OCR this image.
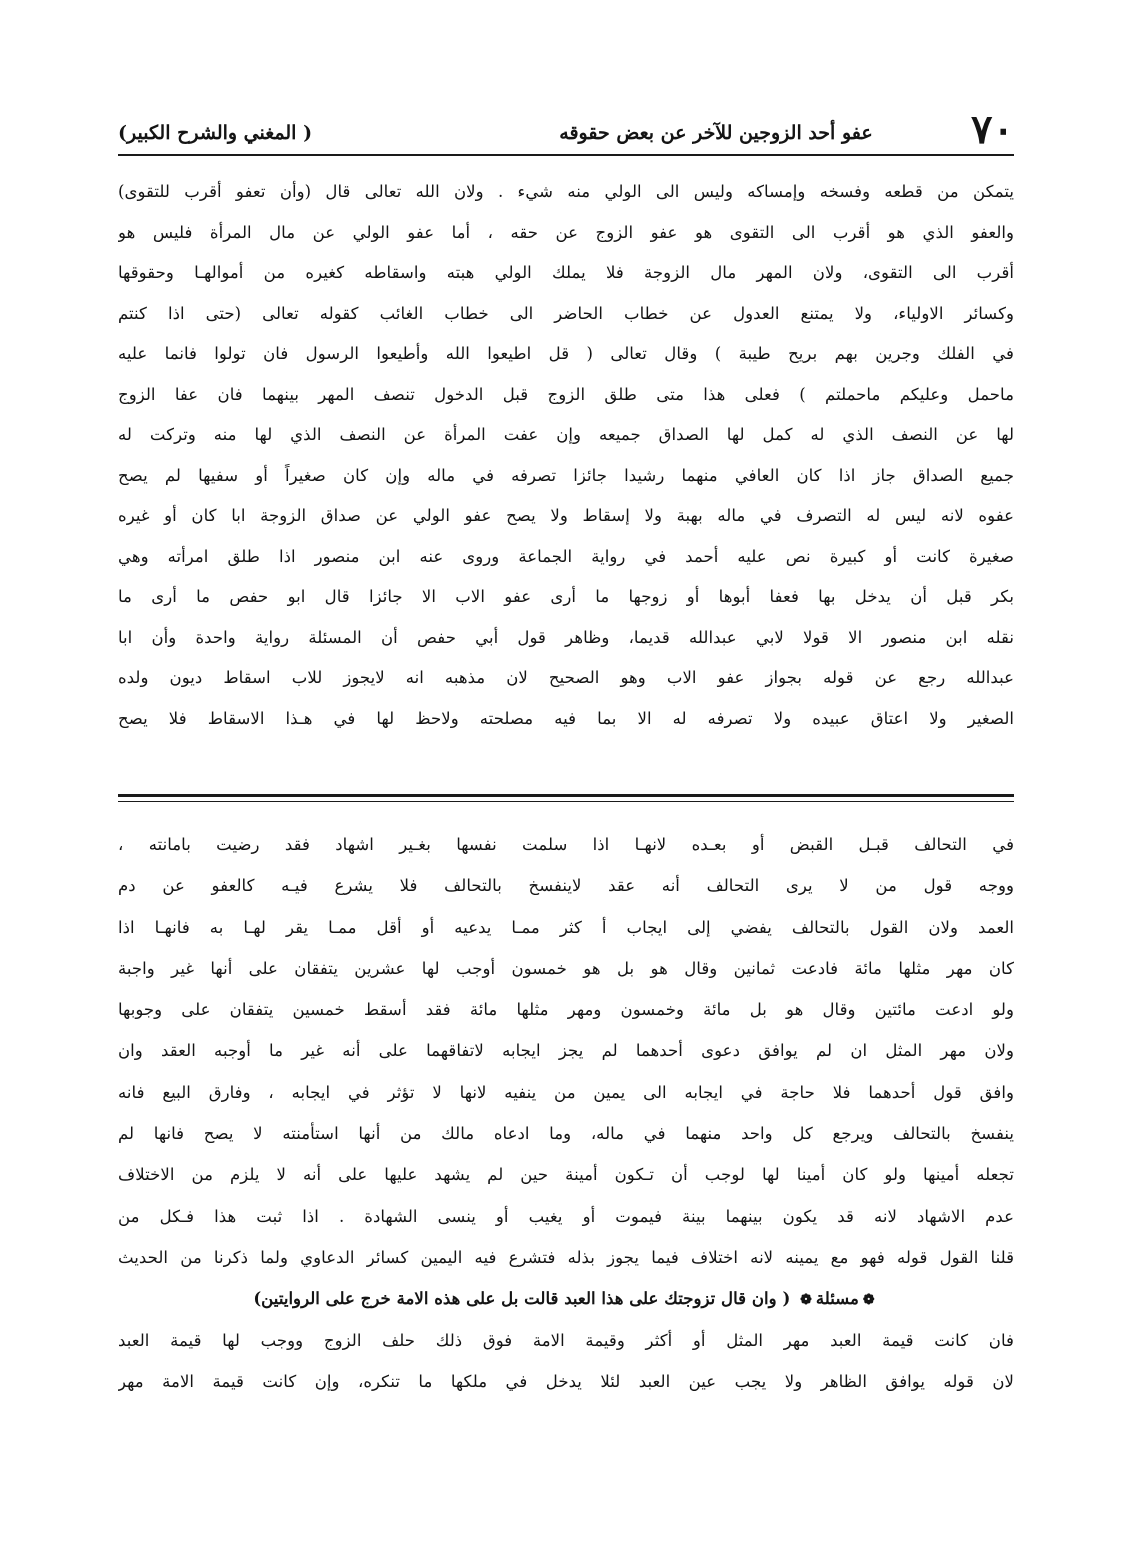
٧٠
عفو أحد الزوجين للآخر عن بعض حقوقه
( المغني والشرح الكبير)
يتمكن من قطعه وفسخه وإمساكه وليس الى الولي منه شيء . ولان الله تعالى قال (وأن تعفو أقرب للتقوى)
والعفو الذي هو أقرب الى التقوى هو عفو الزوج عن حقه ، أما عفو الولي عن مال المرأة فليس هو
أقرب الى التقوى، ولان المهر مال الزوجة فلا يملك الولي هبته واسقاطه كغيره من أموالهـا وحقوقها
وكسائر الاولياء، ولا يمتنع العدول عن خطاب الحاضر الى خطاب الغائب كقوله تعالى (حتى اذا كنتم
في الفلك وجرين بهم بريح طيبة ) وقال تعالى ( قل اطيعوا الله وأطيعوا الرسول فان تولوا فانما عليه
ماحمل وعليكم ماحملتم ) فعلى هذا متى طلق الزوج قبل الدخول تنصف المهر بينهما فان عفا الزوج
لها عن النصف الذي له كمل لها الصداق جميعه وإن عفت المرأة عن النصف الذي لها منه وتركت له
جميع الصداق جاز اذا كان العافي منهما رشيدا جائزا تصرفه في ماله وإن كان صغيراً أو سفيها لم يصح
عفوه لانه ليس له التصرف في ماله بهبة ولا إسقاط ولا يصح عفو الولي عن صداق الزوجة ابا كان أو غيره
صغيرة كانت أو كبيرة نص عليه أحمد في رواية الجماعة وروى عنه ابن منصور اذا طلق امرأته وهي
بكر قبل أن يدخل بها فعفا أبوها أو زوجها ما أرى عفو الاب الا جائزا قال ابو حفص ما أرى ما
نقله ابن منصور الا قولا لابي عبدالله قديما، وظاهر قول أبي حفص أن المسئلة رواية واحدة وأن ابا
عبدالله رجع عن قوله بجواز عفو الاب وهو الصحيح لان مذهبه انه لايجوز للاب اسقاط ديون ولده
الصغير ولا اعتاق عبيده ولا تصرفه له الا بما فيه مصلحته ولاحظ لها في هـذا الاسقاط فلا يصح
في التحالف قبـل القبض أو بعـده لانهـا اذا سلمت نفسها بغـير اشهاد فقد رضيت بامانته ،
ووجه قول من لا يرى التحالف أنه عقد لاينفسخ بالتحالف فلا يشرع فيـه كالعفو عن دم
العمد ولان القول بالتحالف يفضي إلى ايجاب أ كثر ممـا يدعيه أو أقل ممـا يقر لهـا به فانهـا اذا
كان مهر مثلها مائة فادعت ثمانين وقال هو بل هو خمسون أوجب لها عشرين يتفقان على أنها غير واجبة
ولو ادعت مائتين وقال هو بل مائة وخمسون ومهر مثلها مائة فقد أسقط خمسين يتفقان على وجوبها
ولان مهر المثل ان لم يوافق دعوى أحدهما لم يجز ايجابه لاتفاقهما على أنه غير ما أوجبه العقد وان
وافق قول أحدهما فلا حاجة في ايجابه الى يمين من ينفيه لانها لا تؤثر في ايجابه ، وفارق البيع فانه
ينفسخ بالتحالف ويرجع كل واحد منهما في ماله، وما ادعاه مالك من أنها استأمنته لا يصح فانها لم
تجعله أمينها ولو كان أمينا لها لوجب أن تـكون أمينة حين لم يشهد عليها على أنه لا يلزم من الاختلاف
عدم الاشهاد لانه قد يكون بينهما بينة فيموت أو يغيب أو ينسى الشهادة . اذا ثبت هذا فـكل من
قلنا القول قوله فهو مع يمينه لانه اختلاف فيما يجوز بذله فتشرع فيه اليمين كسائر الدعاوي ولما ذكرنا من الحديث
❁مسئلة❁ ( وان قال تزوجتك على هذا العبد قالت بل على هذه الامة خرج على الروايتين)
فان كانت قيمة العبد مهر المثل أو أكثر وقيمة الامة فوق ذلك حلف الزوج ووجب لها قيمة العبد
لان قوله يوافق الظاهر ولا يجب عين العبد لئلا يدخل في ملكها ما تنكره، وإن كانت قيمة الامة مهر
